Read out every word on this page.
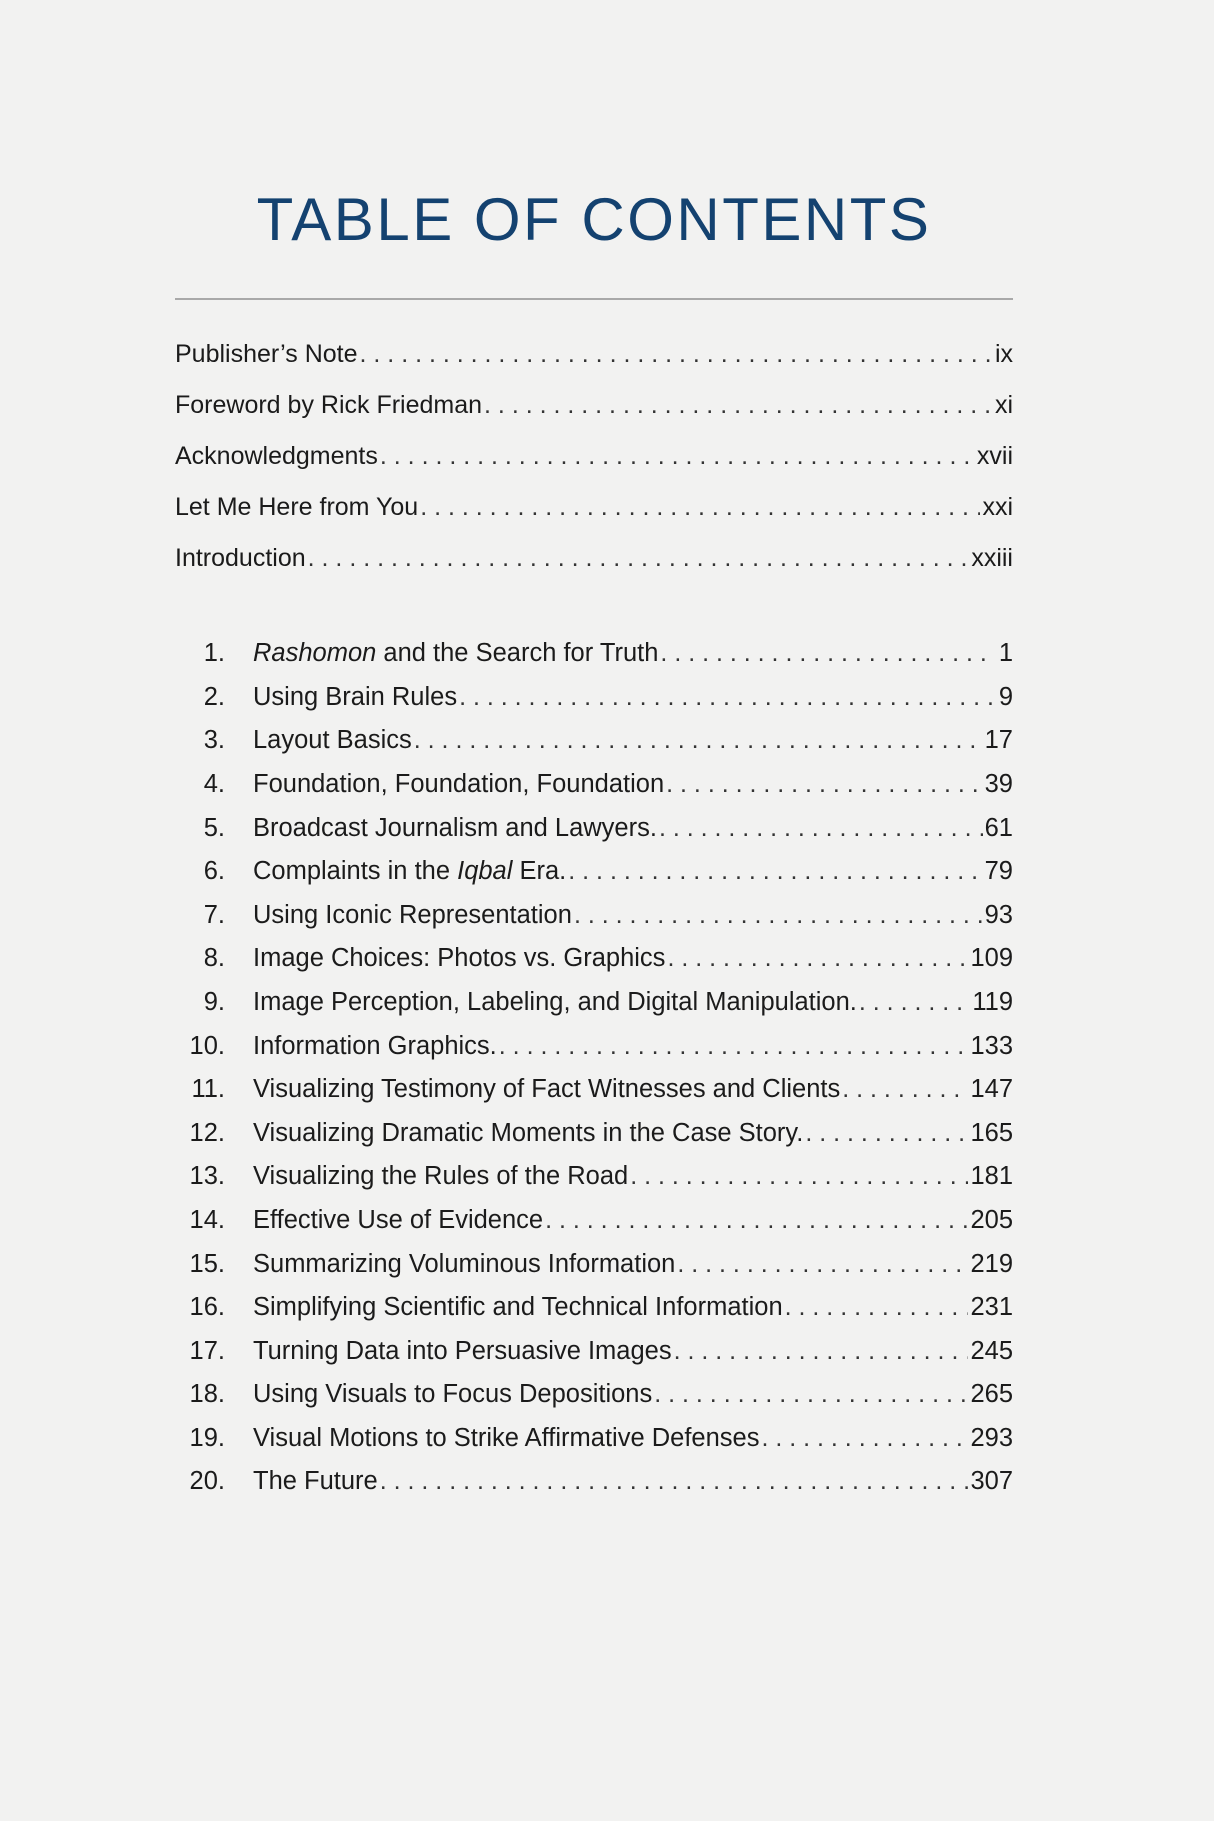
TABLE OF CONTENTS
Publisher’s Note . . .	ix
Foreword by Rick Friedman . . .	xi
Acknowledgments . . .	xvii
Let Me Here from You . . .	xxi
Introduction . . .	xxiii
1.	Rashomon and the Search for Truth . . .	1
2.	Using Brain Rules . . .	9
3.	Layout Basics . . .	17
4.	Foundation, Foundation, Foundation . . .	39
5.	Broadcast Journalism and Lawyers. . . .	61
6.	Complaints in the Iqbal Era. . . .	79
7.	Using Iconic Representation . . .	93
8.	Image Choices: Photos vs. Graphics . . .	109
9.	Image Perception, Labeling, and Digital Manipulation. . . .	119
10.	Information Graphics. . . .	133
11.	Visualizing Testimony of Fact Witnesses and Clients . . .	147
12.	Visualizing Dramatic Moments in the Case Story. . . .	165
13.	Visualizing the Rules of the Road . . .	181
14.	Effective Use of Evidence . . .	205
15.	Summarizing Voluminous Information . . .	219
16.	Simplifying Scientific and Technical Information . . .	231
17.	Turning Data into Persuasive Images . . .	245
18.	Using Visuals to Focus Depositions . . .	265
19.	Visual Motions to Strike Affirmative Defenses . . .	293
20.	The Future . . .	307
